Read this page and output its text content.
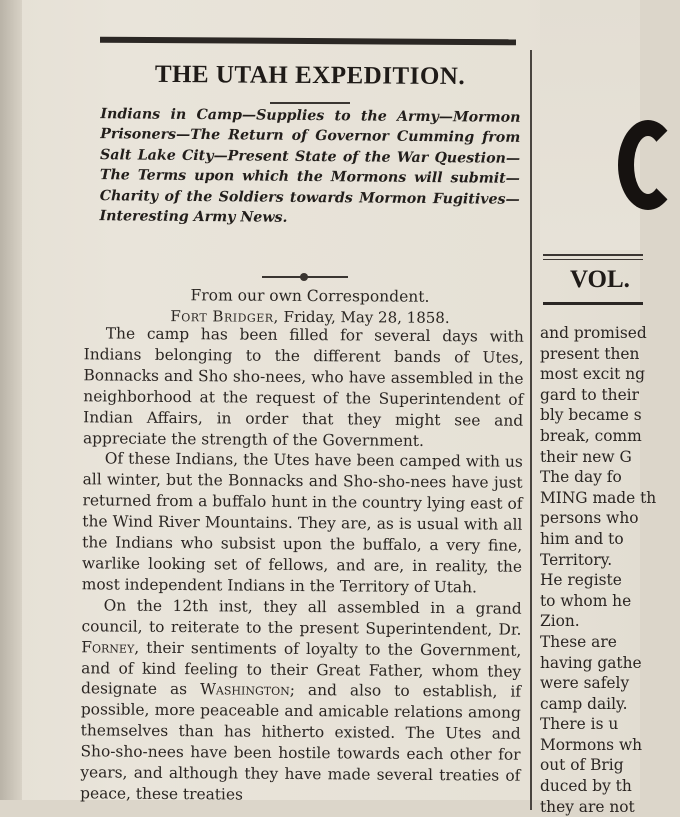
THE UTAH EXPEDITION.
Indians in Camp—Supplies to the Army—Mormon Prisoners—The Return of Governor Cumming from Salt Lake City—Present State of the War Question—The Terms upon which the Mormons will submit—Charity of the Soldiers towards Mormon Fugitives—Interesting Army News.
From our own Correspondent.
Fort Bridger, Friday, May 28, 1858.

The camp has been filled for several days with Indians belonging to the different bands of Utes, Bonnacks and Sho sho-nees, who have assembled in the neighborhood at the request of the Superintendent of Indian Affairs, in order that they might see and appreciate the strength of the Government.

Of these Indians, the Utes have been camped with us all winter, but the Bonnacks and Sho-sho-nees have just returned from a buffalo hunt in the country lying east of the Wind River Mountains. They are, as is usual with all the Indians who subsist upon the buffalo, a very fine, warlike looking set of fellows, and are, in reality, the most independent Indians in the Territory of Utah.

On the 12th inst, they all assembled in a grand council, to reiterate to the present Superintendent, Dr. Forney, their sentiments of loyalty to the Government, and of kind feeling to their Great Father, whom they designate as Washington; and also to establish, if possible, more peaceable and amicable relations among themselves than has hitherto existed. The Utes and Sho-sho-nees have been hostile towards each other for years, and although they have made several treaties of peace, these treaties

VOL.
and promised
present then
most excit ng
gard to their
bly became s
break, comm
their new G
The day fo
MING made th
persons who
him and to
Territory.
He registe
to whom he
Zion.
These are
having gathe
were safely
camp daily.
There is u
Mormons wh
out of Brig
duced by th
they are not
